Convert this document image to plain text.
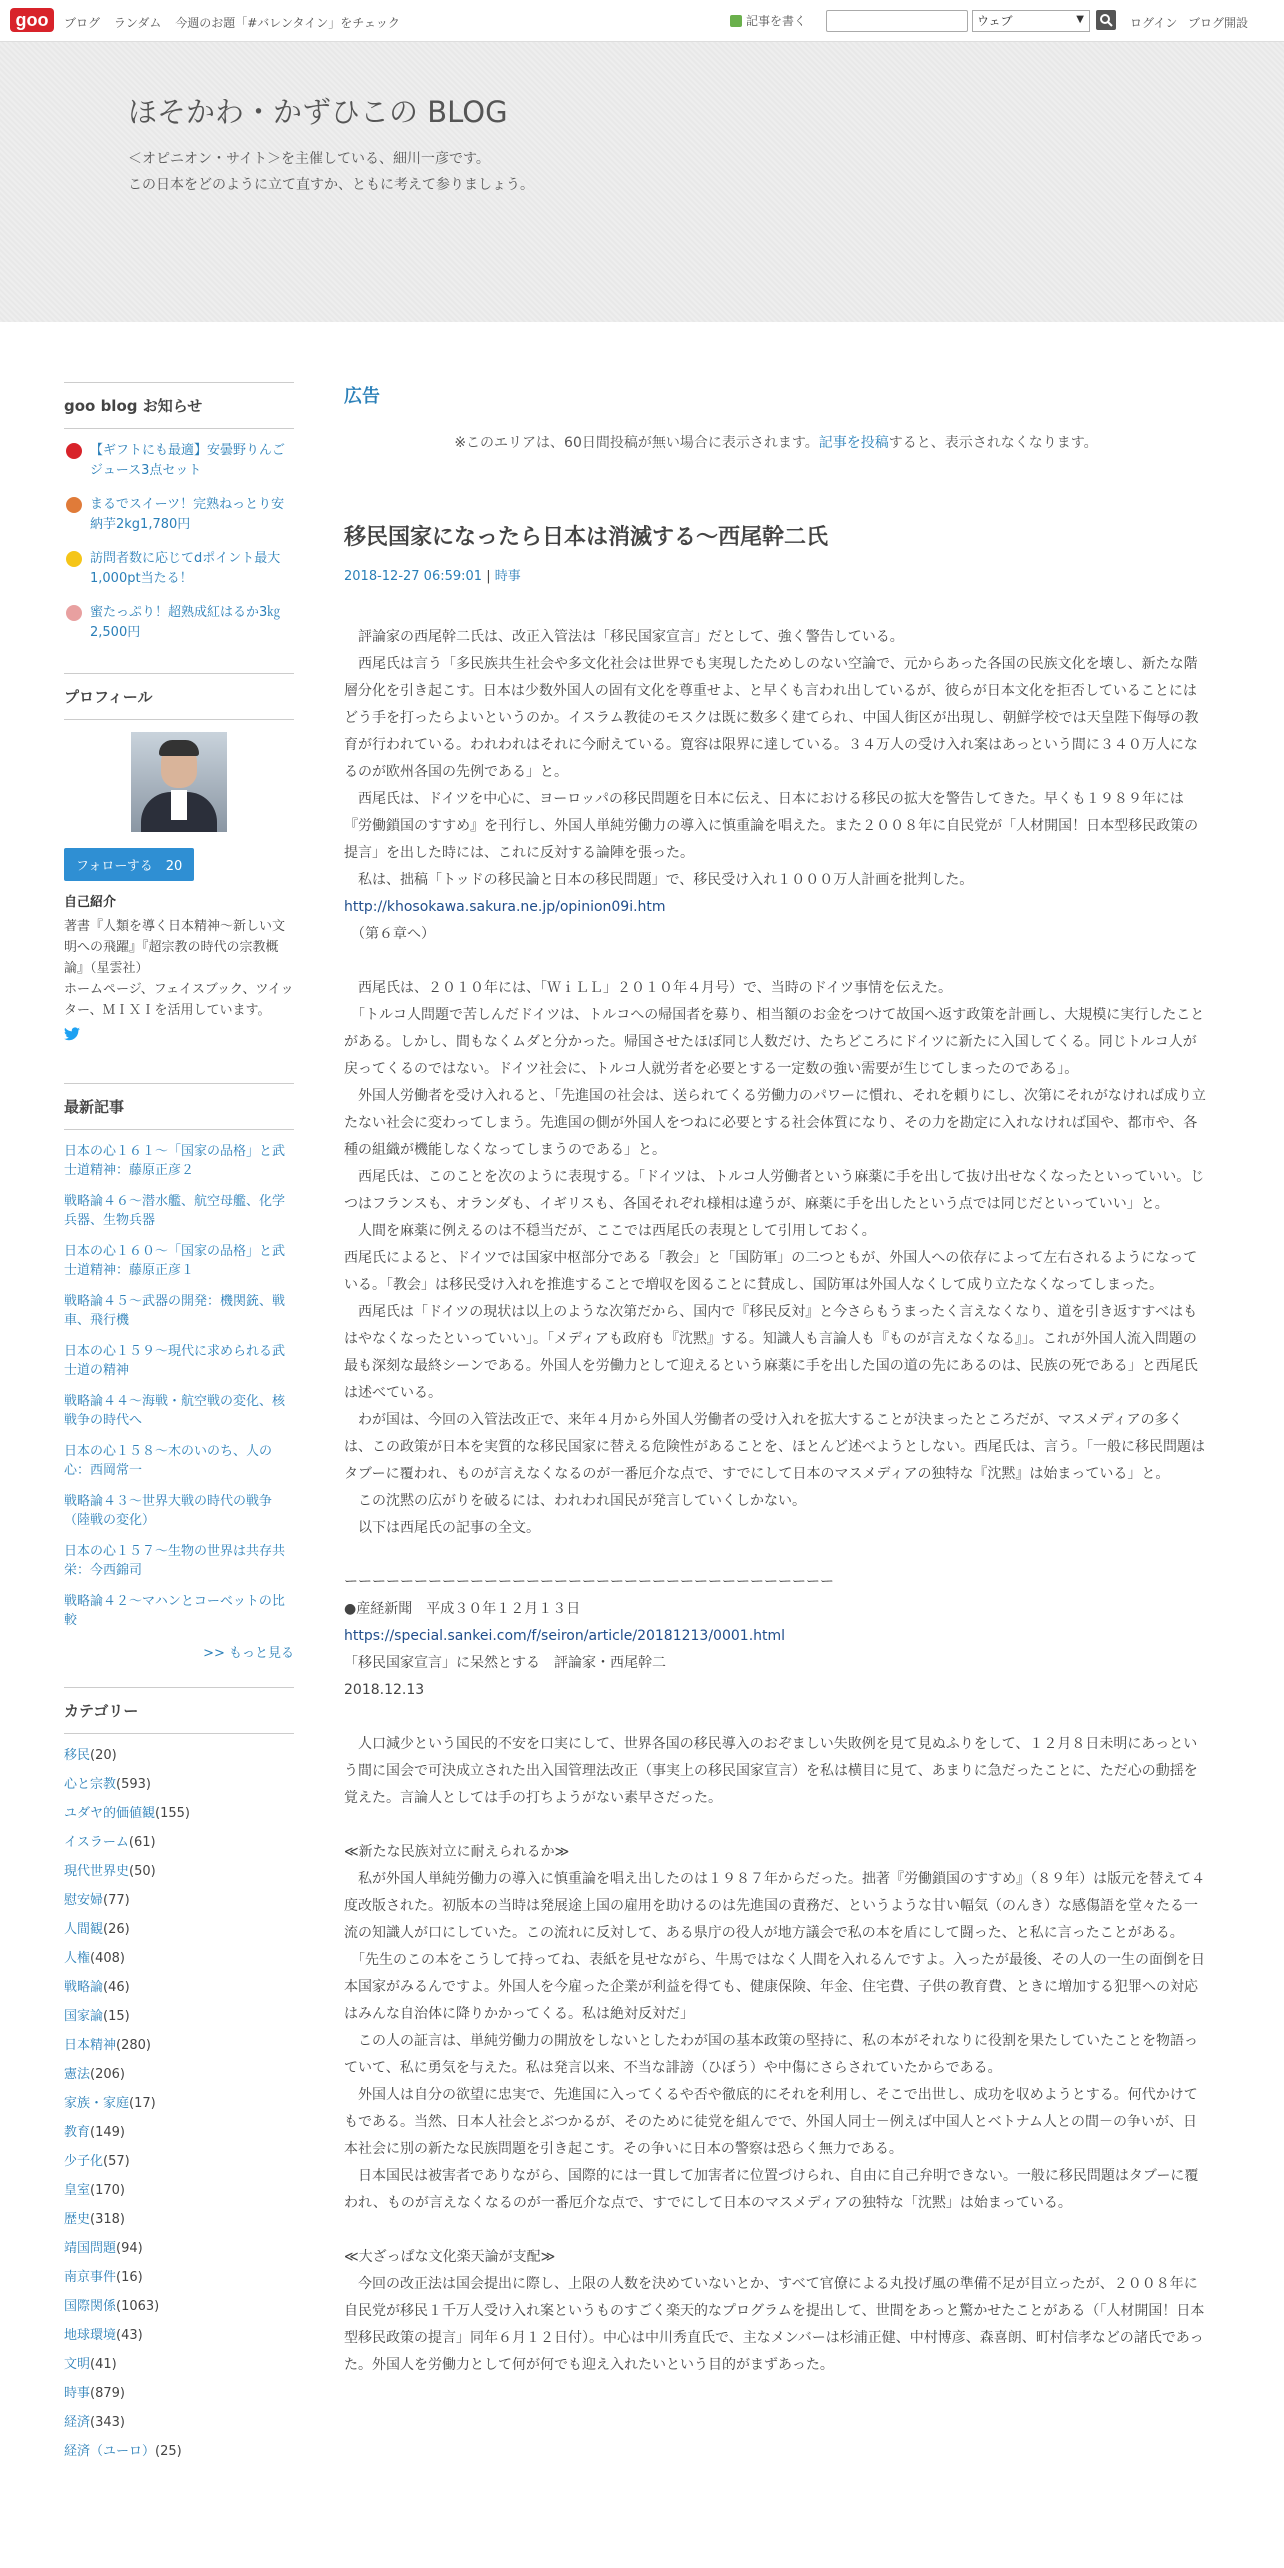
goo	ブログ ランダム 今週のお題「#バレンタイン」をチェック	記事を書く	ウェブ	▼	ログイン ブログ開設
ほそかわ・かずひこの BLOG
＜オピニオン・サイト＞を主催している、細川一彦です。
この日本をどのように立て直すか、ともに考えて参りましょう。
goo blog お知らせ
【ギフトにも最適】安曇野りんごジュース3点セット
まるでスイーツ！完熟ねっとり安納芋2kg1,780円
訪問者数に応じてdポイント最大1,000pt当たる！
蜜たっぷり！超熟成紅はるか3㎏2,500円
プロフィール
フォローする　20
自己紹介
著書『人類を導く日本精神～新しい文明への飛躍』『超宗教の時代の宗教概論』（星雲社）
ホームページ、フェイスブック、ツイッター、ＭＩＸＩを活用しています。
最新記事
日本の心１６１～「国家の品格」と武士道精神：藤原正彦２
戦略論４６～潜水艦、航空母艦、化学兵器、生物兵器
日本の心１６０～「国家の品格」と武士道精神：藤原正彦１
戦略論４５～武器の開発：機関銃、戦車、飛行機
日本の心１５９～現代に求められる武士道の精神
戦略論４４～海戦・航空戦の変化、核戦争の時代へ
日本の心１５８～木のいのち、人の心：西岡常一
戦略論４３～世界大戦の時代の戦争（陸戦の変化）
日本の心１５７～生物の世界は共存共栄：今西錦司
戦略論４２～マハンとコーベットの比較
>> もっと見る
カテゴリー
移民(20)
心と宗教(593)
ユダヤ的価値観(155)
イスラーム(61)
現代世界史(50)
慰安婦(77)
人間観(26)
人権(408)
戦略論(46)
国家論(15)
日本精神(280)
憲法(206)
家族・家庭(17)
教育(149)
少子化(57)
皇室(170)
歴史(318)
靖国問題(94)
南京事件(16)
国際関係(1063)
地球環境(43)
文明(41)
時事(879)
経済(343)
経済（ユーロ）(25)
広告
※このエリアは、60日間投稿が無い場合に表示されます。記事を投稿すると、表示されなくなります。
移民国家になったら日本は消滅する～西尾幹二氏
2018-12-27 06:59:01 | 時事

　評論家の西尾幹二氏は、改正入管法は「移民国家宣言」だとして、強く警告している。

　西尾氏は言う「多民族共生社会や多文化社会は世界でも実現したためしのない空論で、元からあった各国の民族文化を壊し、新たな階層分化を引き起こす。日本は少数外国人の固有文化を尊重せよ、と早くも言われ出しているが、彼らが日本文化を拒否していることにはどう手を打ったらよいというのか。イスラム教徒のモスクは既に数多く建てられ、中国人街区が出現し、朝鮮学校では天皇陛下侮辱の教育が行われている。われわれはそれに今耐えている。寛容は限界に達している。３４万人の受け入れ案はあっという間に３４０万人になるのが欧州各国の先例である」と。

　西尾氏は、ドイツを中心に、ヨーロッパの移民問題を日本に伝え、日本における移民の拡大を警告してきた。早くも１９８９年には『労働鎖国のすすめ』を刊行し、外国人単純労働力の導入に慎重論を唱えた。また２００８年に自民党が「人材開国！日本型移民政策の提言」を出した時には、これに反対する論陣を張った。

　私は、拙稿「トッドの移民論と日本の移民問題」で、移民受け入れ１０００万人計画を批判した。

http://khosokawa.sakura.ne.jp/opinion09i.htm

　（第６章へ）

　西尾氏は、２０１０年には、「ＷｉＬＬ」２０１０年４月号）で、当時のドイツ事情を伝えた。

　「トルコ人問題で苦しんだドイツは、トルコへの帰国者を募り、相当額のお金をつけて故国へ返す政策を計画し、大規模に実行したことがある。しかし、間もなくムダと分かった。帰国させたほぼ同じ人数だけ、たちどころにドイツに新たに入国してくる。同じトルコ人が戻ってくるのではない。ドイツ社会に、トルコ人就労者を必要とする一定数の強い需要が生じてしまったのである」。

　外国人労働者を受け入れると、「先進国の社会は、送られてくる労働力のパワーに慣れ、それを頼りにし、次第にそれがなければ成り立たない社会に変わってしまう。先進国の側が外国人をつねに必要とする社会体質になり、その力を勘定に入れなければ国や、都市や、各種の組織が機能しなくなってしまうのである」と。

　西尾氏は、このことを次のように表現する。「ドイツは、トルコ人労働者という麻薬に手を出して抜け出せなくなったといっていい。じつはフランスも、オランダも、イギリスも、各国それぞれ様相は違うが、麻薬に手を出したという点では同じだといっていい」と。

　人間を麻薬に例えるのは不穏当だが、ここでは西尾氏の表現として引用しておく。

西尾氏によると、ドイツでは国家中枢部分である「教会」と「国防軍」の二つともが、外国人への依存によって左右されるようになっている。「教会」は移民受け入れを推進することで増収を図ることに賛成し、国防軍は外国人なくして成り立たなくなってしまった。

　西尾氏は「ドイツの現状は以上のような次第だから、国内で『移民反対』と今さらもうまったく言えなくなり、道を引き返すすべはもはやなくなったといっていい」。「メディアも政府も『沈黙』する。知識人も言論人も『ものが言えなくなる』」。これが外国人流入問題の最も深刻な最終シーンである。外国人を労働力として迎えるという麻薬に手を出した国の道の先にあるのは、民族の死である」と西尾氏は述べている。

　わが国は、今回の入管法改正で、来年４月から外国人労働者の受け入れを拡大することが決まったところだが、マスメディアの多くは、この政策が日本を実質的な移民国家に替える危険性があることを、ほとんど述べようとしない。西尾氏は、言う。「一般に移民問題はタブーに覆われ、ものが言えなくなるのが一番厄介な点で、すでにして日本のマスメディアの独特な『沈黙』は始まっている」と。

　この沈黙の広がりを破るには、われわれ国民が発言していくしかない。

　以下は西尾氏の記事の全文。

ーーーーーーーーーーーーーーーーーーーーーーーーーーーーーーーーーーー

●産経新聞　平成３０年１２月１３日

https://special.sankei.com/f/seiron/article/20181213/0001.html

「移民国家宣言」に呆然とする　評論家・西尾幹二

2018.12.13

　人口減少という国民的不安を口実にして、世界各国の移民導入のおぞましい失敗例を見て見ぬふりをして、１２月８日未明にあっという間に国会で可決成立された出入国管理法改正（事実上の移民国家宣言）を私は横目に見て、あまりに急だったことに、ただ心の動揺を覚えた。言論人としては手の打ちようがない素早さだった。

≪新たな民族対立に耐えられるか≫

　私が外国人単純労働力の導入に慎重論を唱え出したのは１９８７年からだった。拙著『労働鎖国のすすめ』（８９年）は版元を替えて４度改版された。初版本の当時は発展途上国の雇用を助けるのは先進国の責務だ、というような甘い幅気（のんき）な感傷語を堂々たる一流の知識人が口にしていた。この流れに反対して、ある県庁の役人が地方議会で私の本を盾にして闘った、と私に言ったことがある。

　「先生のこの本をこうして持ってね、表紙を見せながら、牛馬ではなく人間を入れるんですよ。入ったが最後、その人の一生の面倒を日本国家がみるんですよ。外国人を今雇った企業が利益を得ても、健康保険、年金、住宅費、子供の教育費、ときに増加する犯罪への対応はみんな自治体に降りかかってくる。私は絶対反対だ」

　この人の証言は、単純労働力の開放をしないとしたわが国の基本政策の堅持に、私の本がそれなりに役割を果たしていたことを物語っていて、私に勇気を与えた。私は発言以来、不当な誹謗（ひぼう）や中傷にさらされていたからである。

　外国人は自分の欲望に忠実で、先進国に入ってくるや否や徹底的にそれを利用し、そこで出世し、成功を収めようとする。何代かけてもである。当然、日本人社会とぶつかるが、そのために徒党を組んでで、外国人同士－例えば中国人とベトナム人との間－の争いが、日本社会に別の新たな民族問題を引き起こす。その争いに日本の警察は恐らく無力である。

　日本国民は被害者でありながら、国際的には一貫して加害者に位置づけられ、自由に自己弁明できない。一般に移民問題はタブーに覆われ、ものが言えなくなるのが一番厄介な点で、すでにして日本のマスメディアの独特な「沈黙」は始まっている。

≪大ざっぱな文化楽天論が支配≫

　今回の改正法は国会提出に際し、上限の人数を決めていないとか、すべて官僚による丸投げ風の準備不足が目立ったが、２００８年に自民党が移民１千万人受け入れ案というものすごく楽天的なプログラムを提出して、世間をあっと驚かせたことがある（「人材開国！日本型移民政策の提言」同年６月１２日付）。中心は中川秀直氏で、主なメンバーは杉浦正健、中村博彦、森喜朗、町村信孝などの諸氏であった。外国人を労働力として何が何でも迎え入れたいという目的がまずあった。
